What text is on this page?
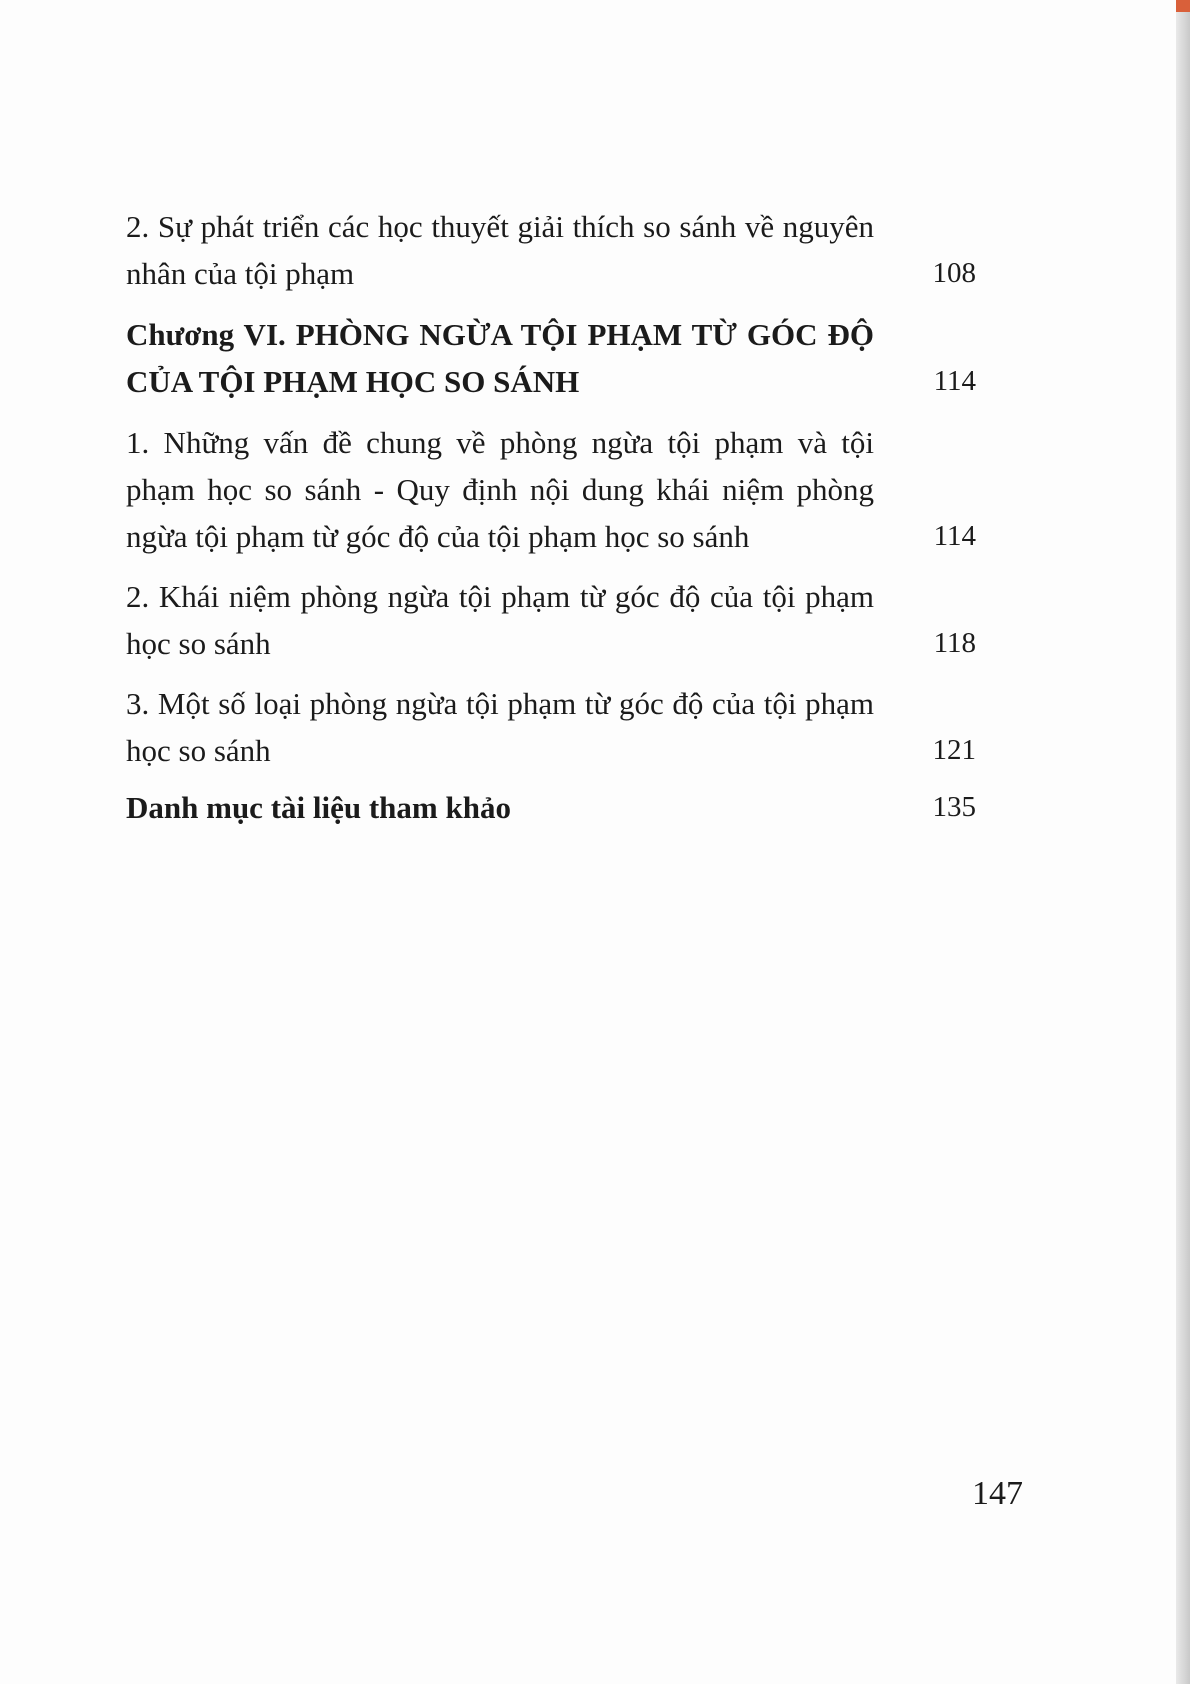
2. Sự phát triển các học thuyết giải thích so sánh về nguyên nhân của tội phạm	108
Chương VI. PHÒNG NGỪA TỘI PHẠM TỪ GÓC ĐỘ CỦA TỘI PHẠM HỌC SO SÁNH	114
1. Những vấn đề chung về phòng ngừa tội phạm và tội phạm học so sánh - Quy định nội dung khái niệm phòng ngừa tội phạm từ góc độ của tội phạm học so sánh	114
2. Khái niệm phòng ngừa tội phạm từ góc độ của tội phạm học so sánh	118
3. Một số loại phòng ngừa tội phạm từ góc độ của tội phạm học so sánh	121
Danh mục tài liệu tham khảo	135
147
